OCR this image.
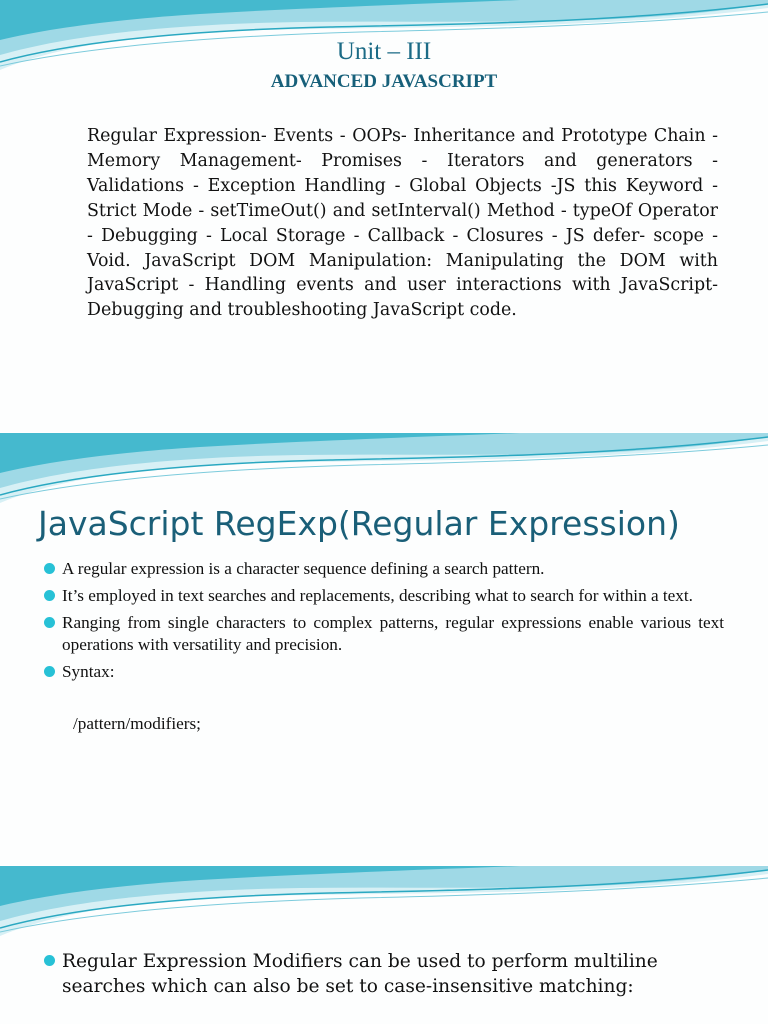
Unit – III
ADVANCED JAVASCRIPT

Regular Expression- Events - OOPs- Inheritance and Prototype Chain - Memory Management- Promises - Iterators and generators - Validations - Exception Handling - Global Objects -JS this Keyword - Strict Mode - setTimeOut() and setInterval() Method - typeOf Operator - Debugging - Local Storage - Callback - Closures - JS defer- scope - Void. JavaScript DOM Manipulation: Manipulating the DOM with JavaScript - Handling events and user interactions with JavaScript- Debugging and troubleshooting JavaScript code.

JavaScript RegExp(Regular Expression)
A regular expression is a character sequence defining a search pattern.
It’s employed in text searches and replacements, describing what to search for within a text.
Ranging from single characters to complex patterns, regular expressions enable various text operations with versatility and precision.
Syntax:
/pattern/modifiers;
Regular Expression Modifiers can be used to perform multiline searches which can also be set to case-insensitive matching:
